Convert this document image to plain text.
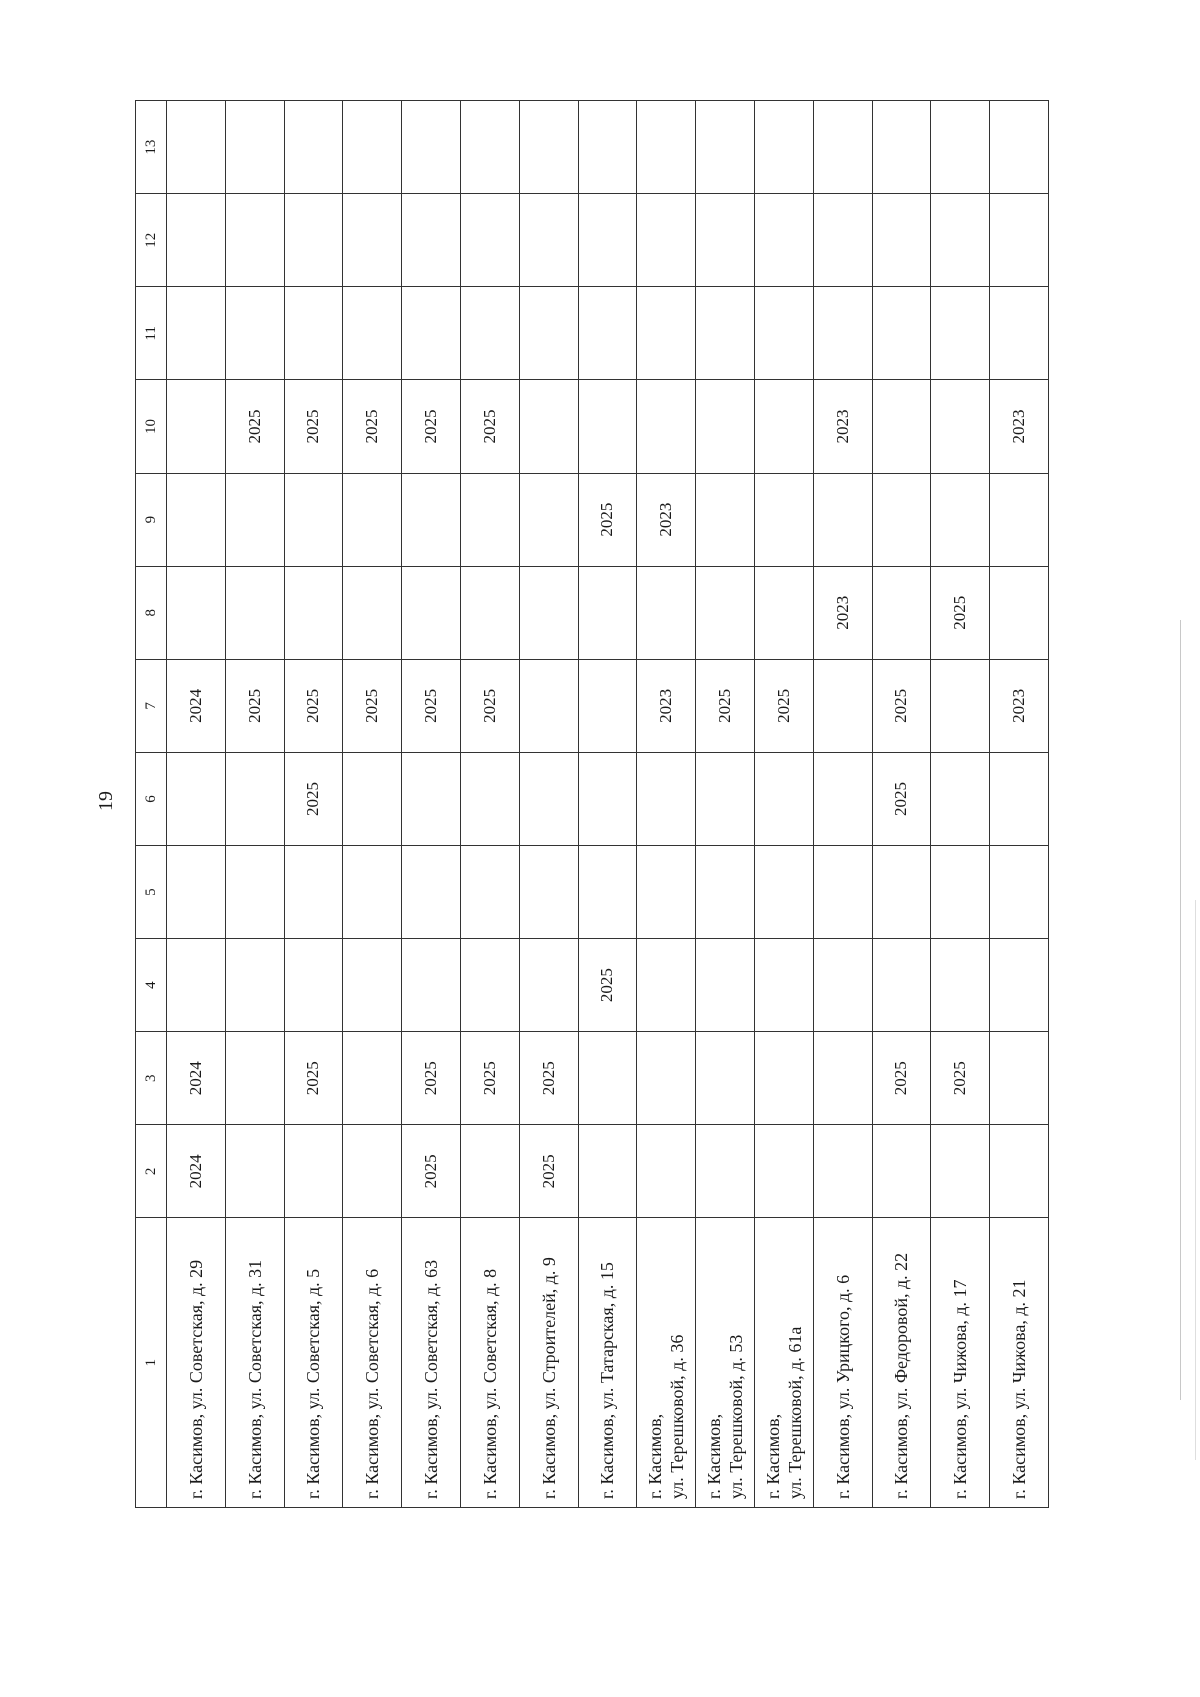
19
1	2	3	4	5	6	7	8	9	10	11	12	13

г. Касимов, ул. Советская, д. 29	2024	2024				2024						

г. Касимов, ул. Советская, д. 31						2025			2025			

г. Касимов, ул. Советская, д. 5		2025			2025	2025			2025			

г. Касимов, ул. Советская, д. 6						2025			2025			

г. Касимов, ул. Советская, д. 63	2025	2025				2025			2025			

г. Касимов, ул. Советская, д. 8		2025				2025			2025			

г. Касимов, ул. Строителей, д. 9	2025	2025										

г. Касимов, ул. Татарская, д. 15			2025					2025				

г. Касимов, ул. Терешковой, д. 36						2023		2023				

г. Касимов, ул. Терешковой, д. 53						2025						

г. Касимов, ул. Терешковой, д. 61а						2025						

г. Касимов, ул. Урицкого, д. 6							2023		2023			

г. Касимов, ул. Федоровой, д. 22		2025			2025	2025						

г. Касимов, ул. Чижова, д. 17		2025					2025					

г. Касимов, ул. Чижова, д. 21						2023			2023			
